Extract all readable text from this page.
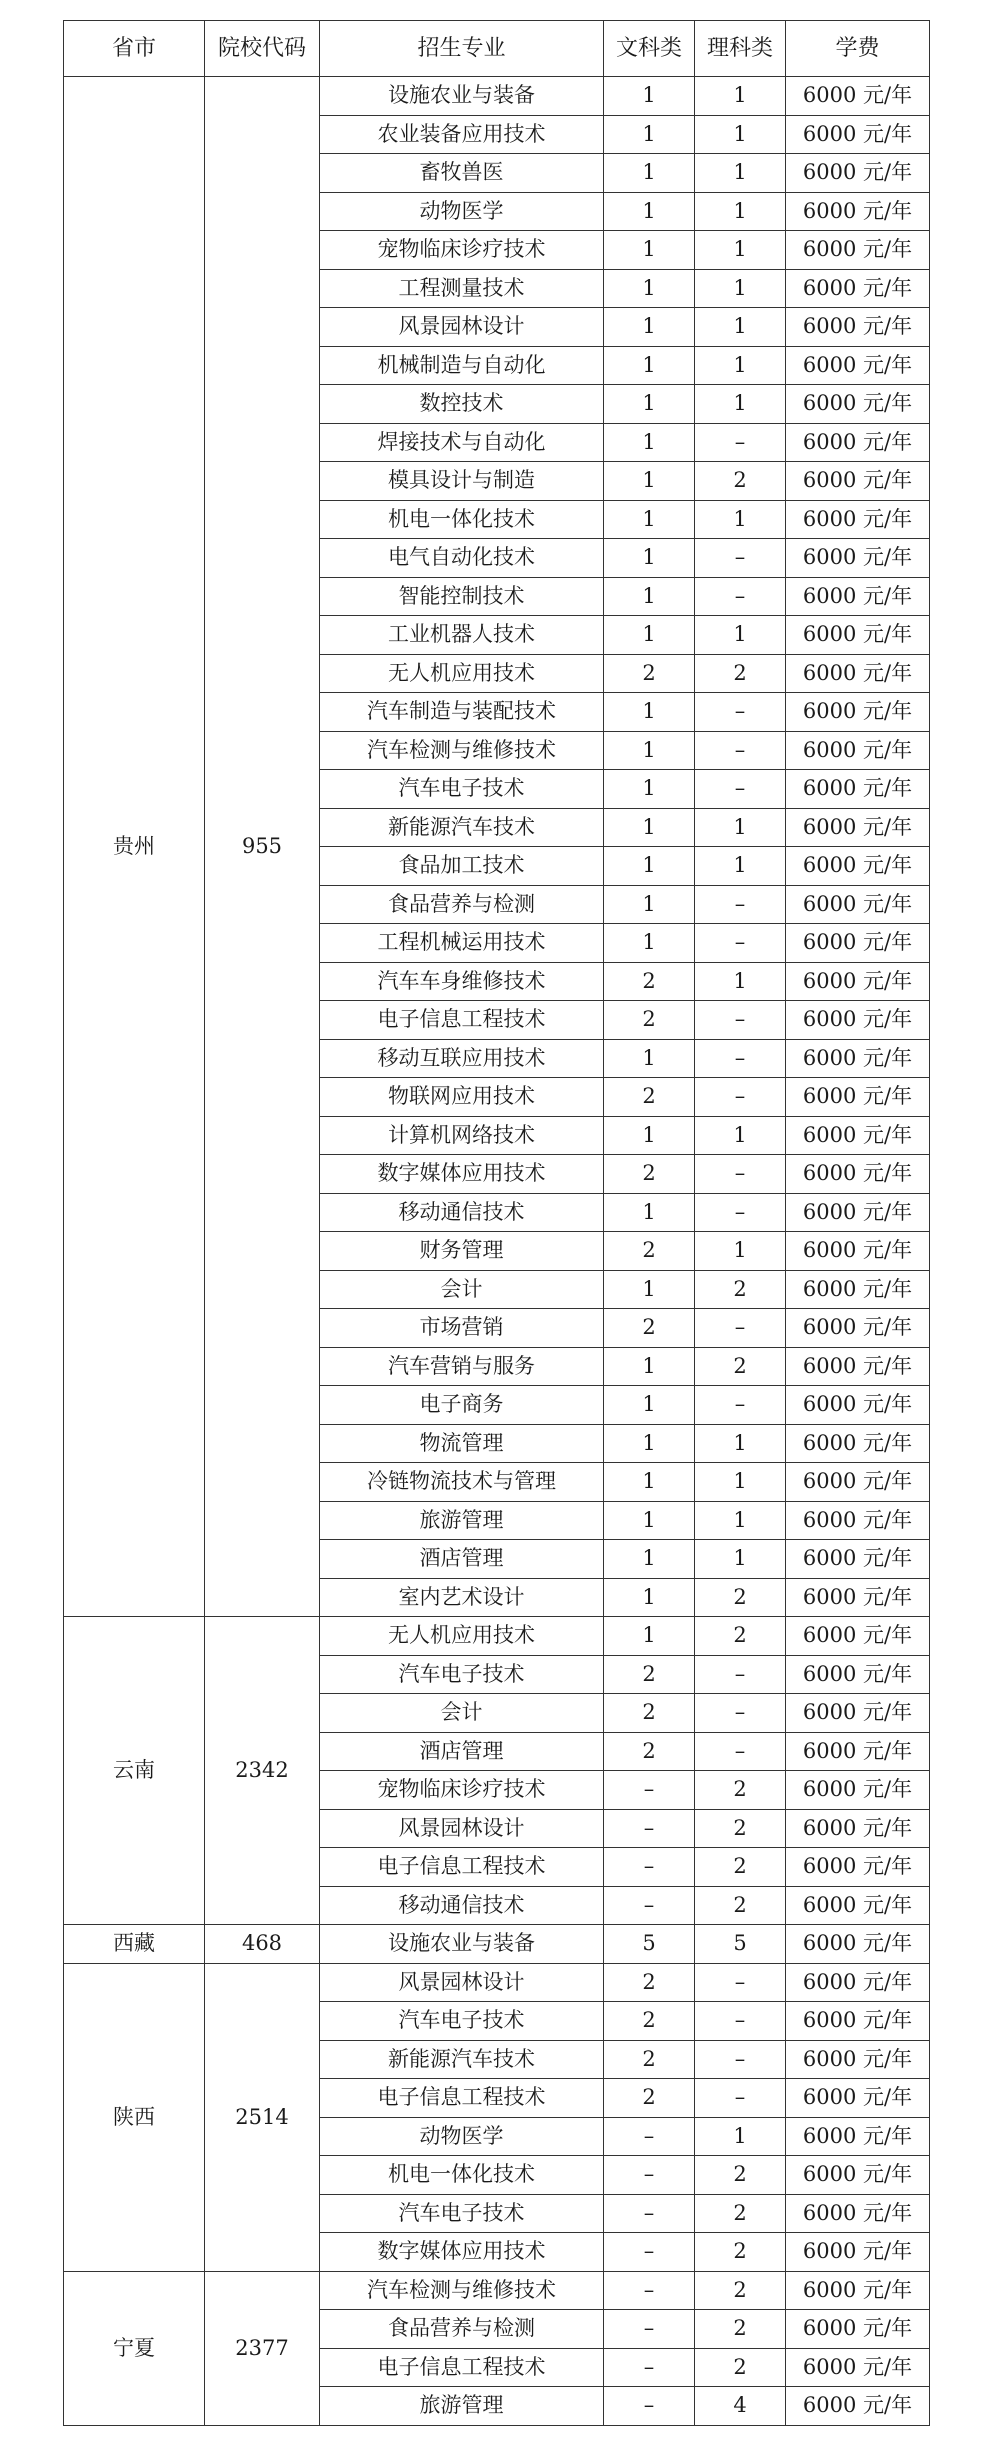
省市	院校代码	招生专业	文科类	理科类	学费
贵州	955	设施农业与装备	1	1	6000 元/年
		农业装备应用技术	1	1	6000 元/年
		畜牧兽医	1	1	6000 元/年
		动物医学	1	1	6000 元/年
		宠物临床诊疗技术	1	1	6000 元/年
		工程测量技术	1	1	6000 元/年
		风景园林设计	1	1	6000 元/年
		机械制造与自动化	1	1	6000 元/年
		数控技术	1	1	6000 元/年
		焊接技术与自动化	1	–	6000 元/年
		模具设计与制造	1	2	6000 元/年
		机电一体化技术	1	1	6000 元/年
		电气自动化技术	1	–	6000 元/年
		智能控制技术	1	–	6000 元/年
		工业机器人技术	1	1	6000 元/年
		无人机应用技术	2	2	6000 元/年
		汽车制造与装配技术	1	–	6000 元/年
		汽车检测与维修技术	1	–	6000 元/年
		汽车电子技术	1	–	6000 元/年
		新能源汽车技术	1	1	6000 元/年
		食品加工技术	1	1	6000 元/年
		食品营养与检测	1	–	6000 元/年
		工程机械运用技术	1	–	6000 元/年
		汽车车身维修技术	2	1	6000 元/年
		电子信息工程技术	2	–	6000 元/年
		移动互联应用技术	1	–	6000 元/年
		物联网应用技术	2	–	6000 元/年
		计算机网络技术	1	1	6000 元/年
		数字媒体应用技术	2	–	6000 元/年
		移动通信技术	1	–	6000 元/年
		财务管理	2	1	6000 元/年
		会计	1	2	6000 元/年
		市场营销	2	–	6000 元/年
		汽车营销与服务	1	2	6000 元/年
		电子商务	1	–	6000 元/年
		物流管理	1	1	6000 元/年
		冷链物流技术与管理	1	1	6000 元/年
		旅游管理	1	1	6000 元/年
		酒店管理	1	1	6000 元/年
		室内艺术设计	1	2	6000 元/年
云南	2342	无人机应用技术	1	2	6000 元/年
		汽车电子技术	2	–	6000 元/年
		会计	2	–	6000 元/年
		酒店管理	2	–	6000 元/年
		宠物临床诊疗技术	–	2	6000 元/年
		风景园林设计	–	2	6000 元/年
		电子信息工程技术	–	2	6000 元/年
		移动通信技术	–	2	6000 元/年
西藏	468	设施农业与装备	5	5	6000 元/年
陕西	2514	风景园林设计	2	–	6000 元/年
		汽车电子技术	2	–	6000 元/年
		新能源汽车技术	2	–	6000 元/年
		电子信息工程技术	2	–	6000 元/年
		动物医学	–	1	6000 元/年
		机电一体化技术	–	2	6000 元/年
		汽车电子技术	–	2	6000 元/年
		数字媒体应用技术	–	2	6000 元/年
宁夏	2377	汽车检测与维修技术	–	2	6000 元/年
		食品营养与检测	–	2	6000 元/年
		电子信息工程技术	–	2	6000 元/年
		旅游管理	–	4	6000 元/年
